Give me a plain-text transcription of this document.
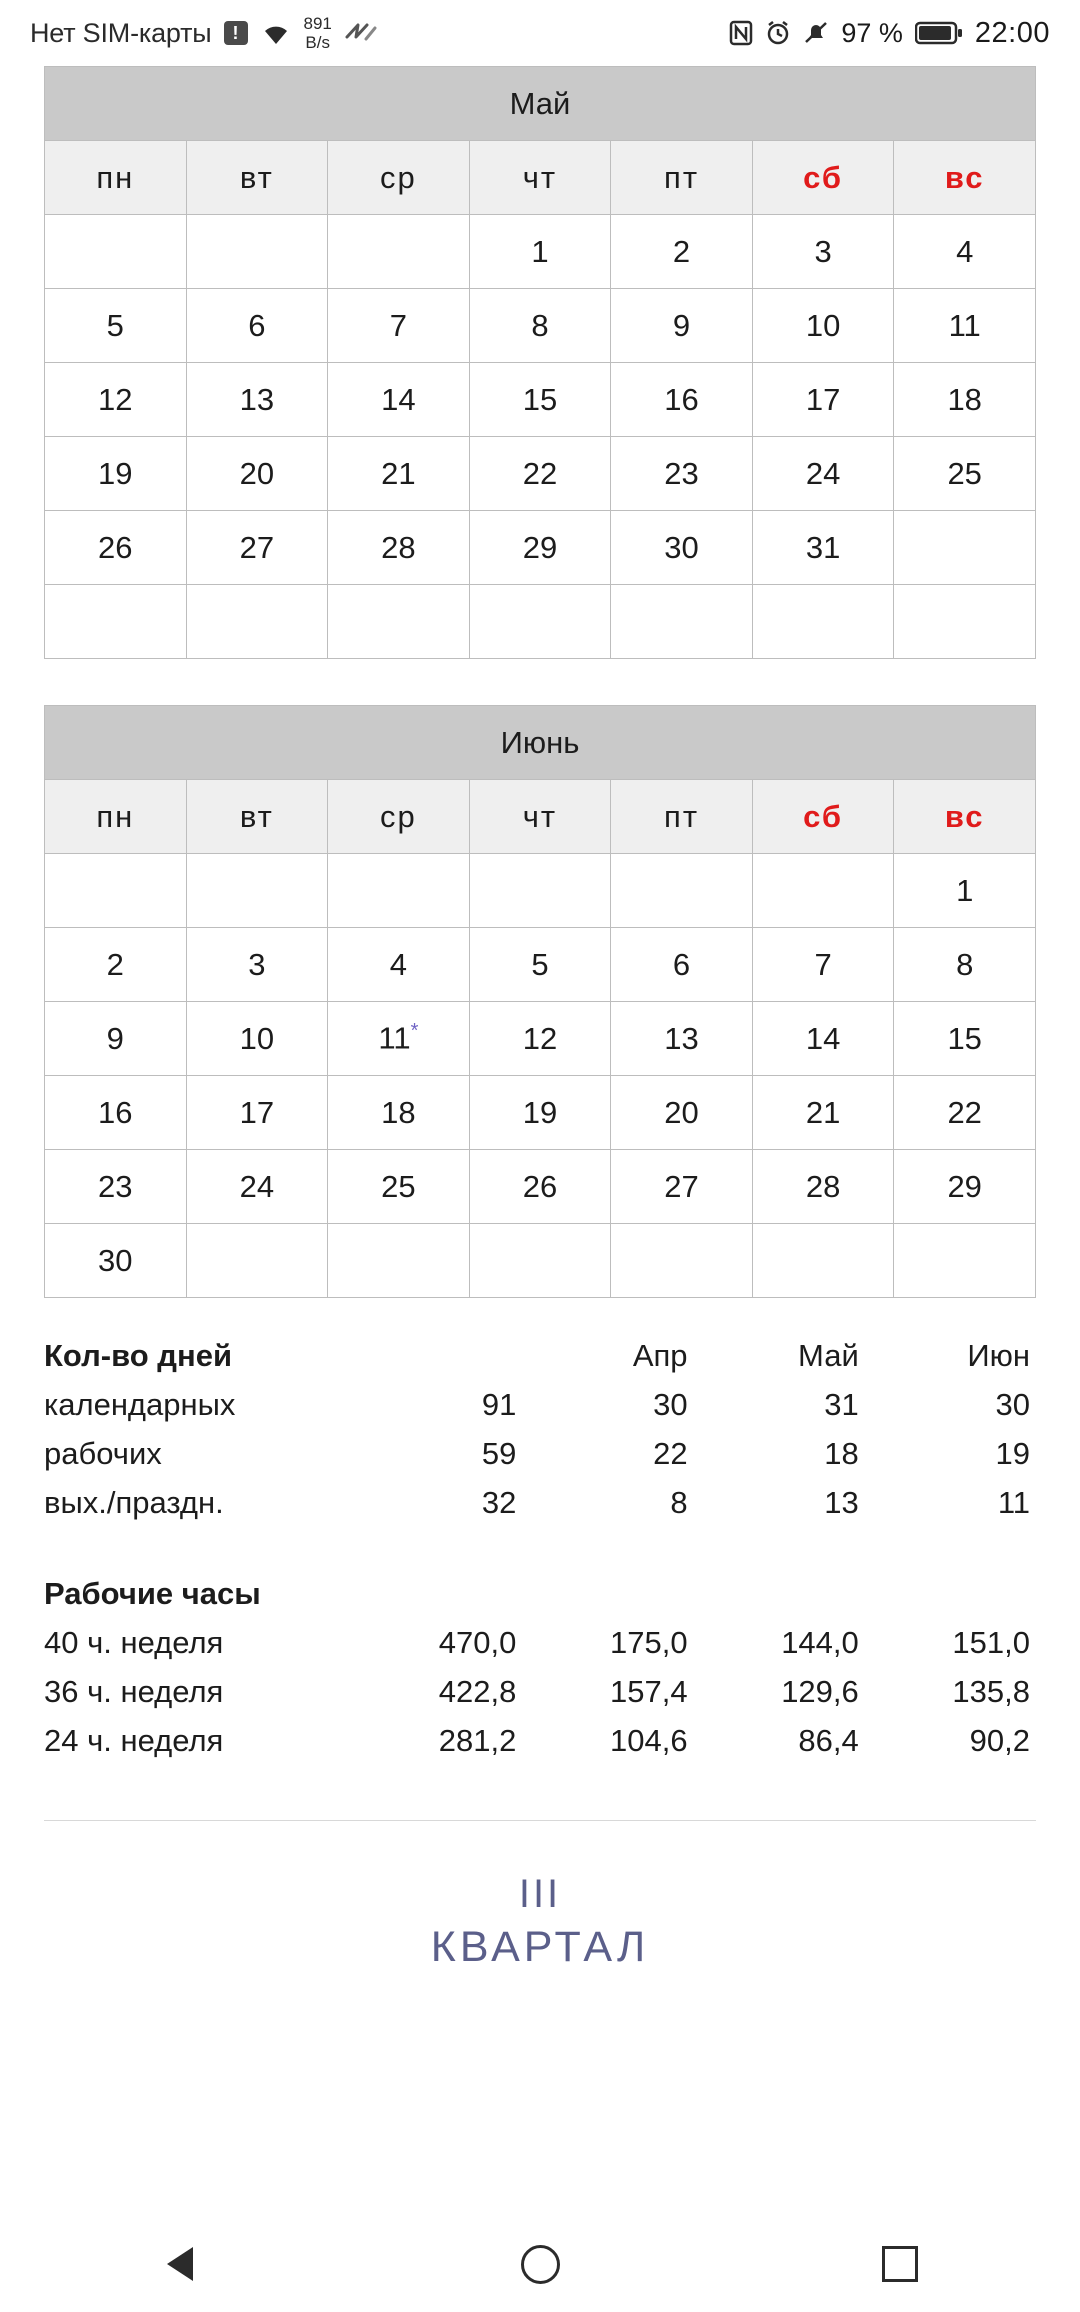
Нет SIM-карты	!	891
B/s	97 % 22:00
Май						
пн	вт	ср	чт	пт	сб	вс
			1	2	3	4
5	6	7	8	9	10	11
12	13	14	15	16	17	18
19	20	21	22	23	24	25
26	27	28	29	30	31	

Июнь						
пн	вт	ср	чт	пт	сб	вс
						1
2	3	4	5	6	7	8
9	10	11*	12	13	14	15
16	17	18	19	20	21	22
23	24	25	26	27	28	29
30						
Кол-во дней		Апр	Май	Июн
календарных	91	30	31	30
рабочих	59	22	18	19
вых./праздн.	32	8	13	11

Рабочие часы				
40 ч. неделя	470,0	175,0	144,0	151,0
36 ч. неделя	422,8	157,4	129,6	135,8
24 ч. неделя	281,2	104,6	86,4	90,2
III
КВАРТАЛ
